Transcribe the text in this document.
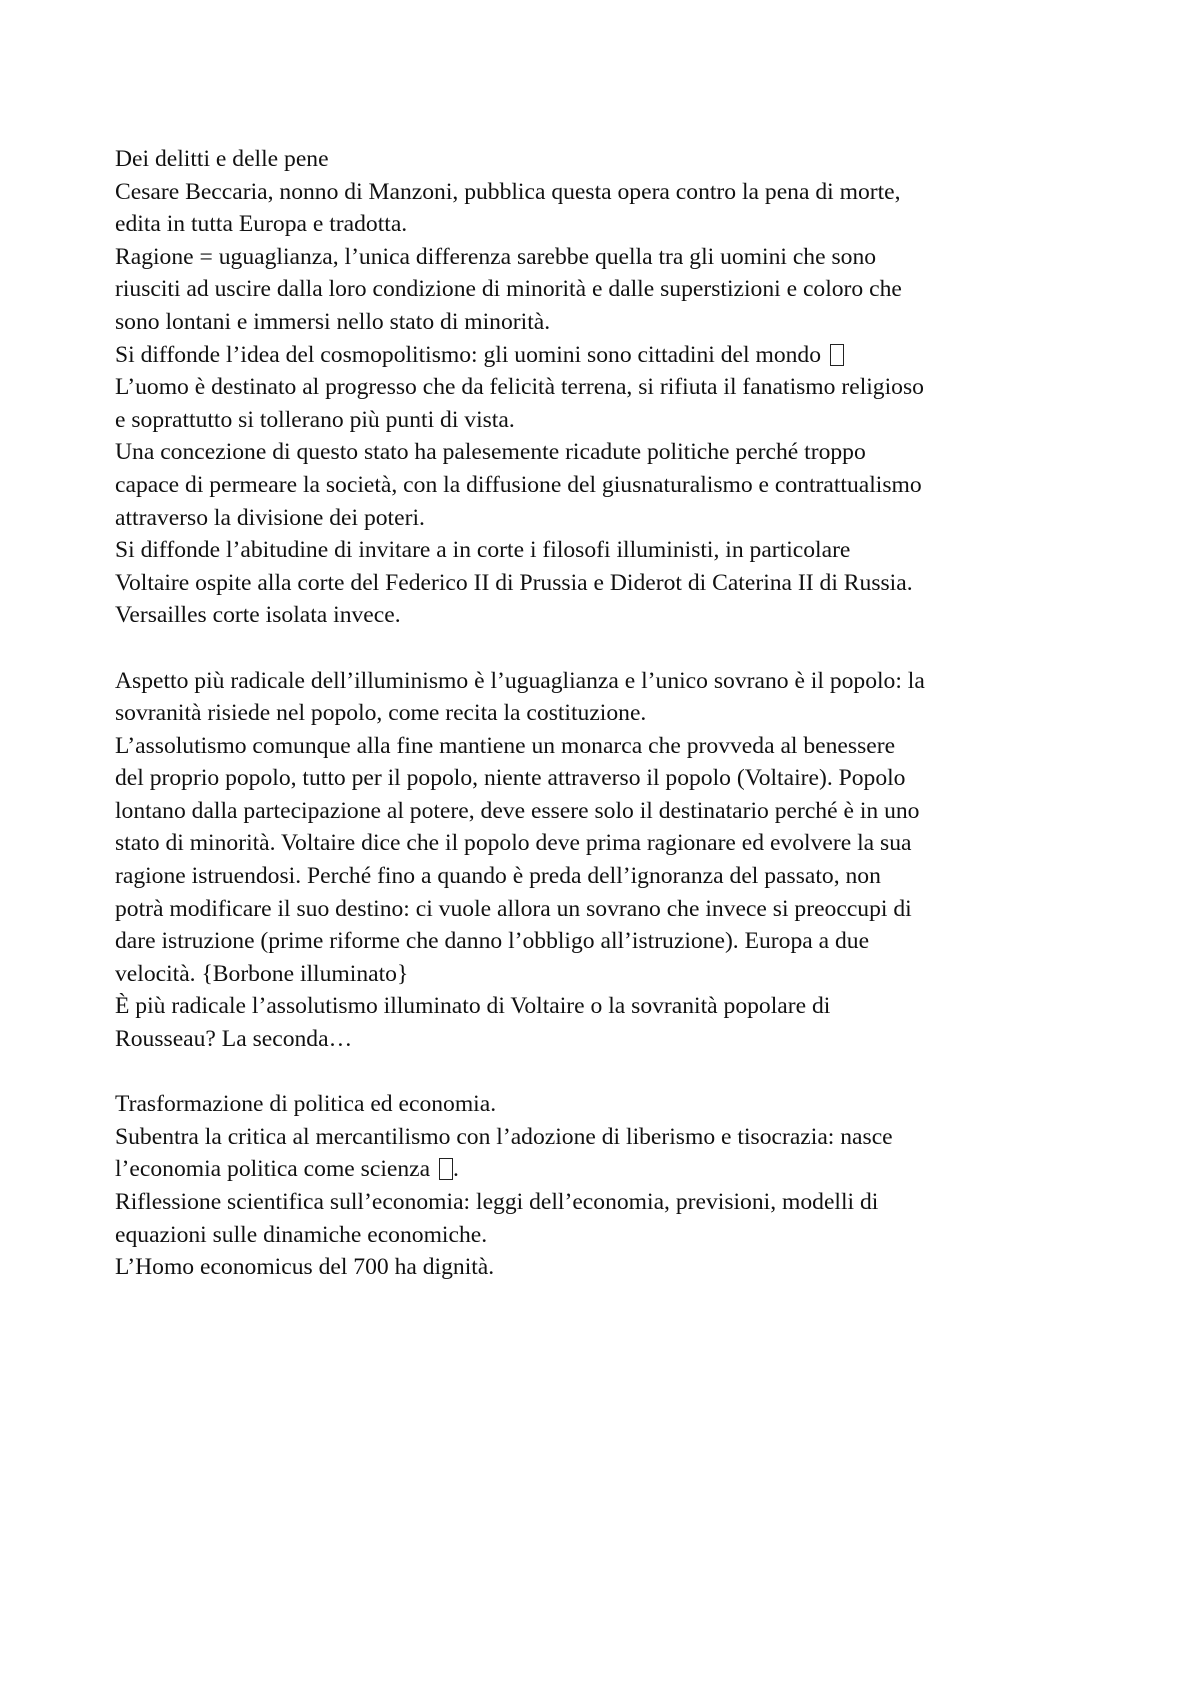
Dei delitti e delle pene
Cesare Beccaria, nonno di Manzoni, pubblica questa opera contro la pena di morte,
edita in tutta Europa e tradotta.
Ragione = uguaglianza, l’unica differenza sarebbe quella tra gli uomini che sono
riusciti ad uscire dalla loro condizione di minorità e dalle superstizioni e coloro che
sono lontani e immersi nello stato di minorità.
Si diffonde l’idea del cosmopolitismo: gli uomini sono cittadini del mondo
L’uomo è destinato al progresso che da felicità terrena, si rifiuta il fanatismo religioso
e soprattutto si tollerano più punti di vista.
Una concezione di questo stato ha palesemente ricadute politiche perché troppo
capace di permeare la società, con la diffusione del giusnaturalismo e contrattualismo
attraverso la divisione dei poteri.
Si diffonde l’abitudine di invitare a in corte i filosofi illuministi, in particolare
Voltaire ospite alla corte del Federico II di Prussia e Diderot di Caterina II di Russia.
Versailles corte isolata invece.
Aspetto più radicale dell’illuminismo è l’uguaglianza e l’unico sovrano è il popolo: la
sovranità risiede nel popolo, come recita la costituzione.
L’assolutismo comunque alla fine mantiene un monarca che provveda al benessere
del proprio popolo, tutto per il popolo, niente attraverso il popolo (Voltaire). Popolo
lontano dalla partecipazione al potere, deve essere solo il destinatario perché è in uno
stato di minorità. Voltaire dice che il popolo deve prima ragionare ed evolvere la sua
ragione istruendosi. Perché fino a quando è preda dell’ignoranza del passato, non
potrà modificare il suo destino: ci vuole allora un sovrano che invece si preoccupi di
dare istruzione (prime riforme che danno l’obbligo all’istruzione). Europa a due
velocità. {Borbone illuminato}
È più radicale l’assolutismo illuminato di Voltaire o la sovranità popolare di
Rousseau? La seconda…
Trasformazione di politica ed economia.
Subentra la critica al mercantilismo con l’adozione di liberismo e tisocrazia: nasce
l’economia politica come scienza .
Riflessione scientifica sull’economia: leggi dell’economia, previsioni, modelli di
equazioni sulle dinamiche economiche.
L’Homo economicus del 700 ha dignità.
